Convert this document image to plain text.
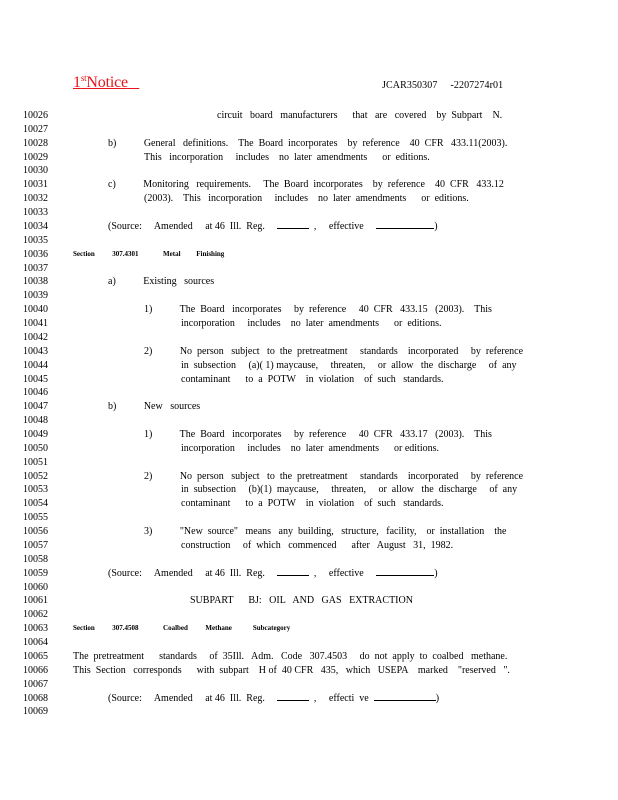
1stNotice	JCAR350307     -2207274r01
10026	circuit   board   manufacturers      that   are   covered    by  Subpart    N.
10027
10028	b)           General   definitions.    The  Board  incorporates    by  reference    40  CFR   433.11(2003).
10029	This   incorporation     includes    no  later  amendments      or  editions.
10030
10031	c)           Monitoring   requirements.     The  Board  incorporates    by  reference    40  CFR   433.12
10032	(2003).    This   incorporation     includes    no  later  amendments      or  editions.
10033
10034	(Source:     Amended     at 46  Ill.  Reg.	,     effective	)
10035
10036	Section          307.4301              Metal         Finishing
10037
10038	a)           Existing   sources
10039
10040	1)           The  Board   incorporates     by  reference     40  CFR   433.15   (2003).    This
10041	incorporation     includes    no  later  amendments      or  editions.
10042
10043	2)           No  person   subject   to  the  pretreatment     standards    incorporated     by  reference
10044	in  subsection     (a)( 1) maycause,     threaten,     or  allow   the  discharge     of  any
10045	contaminant      to  a  POTW    in  violation    of  such   standards.
10046
10047	b)           New   sources
10048
10049	1)           The  Board   incorporates     by  reference     40  CFR   433.17   (2003).    This
10050	incorporation     includes    no  later  amendments      or editions.
10051
10052	2)           No  person   subject   to  the  pretreatment     standards    incorporated     by  reference
10053	in  subsection     (b)(1)  maycause,     threaten,     or  allow   the  discharge     of  any
10054	contaminant      to  a  POTW    in  violation    of  such   standards.
10055
10056	3)           "New  source"   means   any  building,   structure,   facility,    or  installation    the
10057	construction     of  which   commenced      after   August   31,  1982.
10058
10059	(Source:     Amended     at 46  Ill.  Reg.	,     effective	)
10060
10061	SUBPART      BJ:   OIL   AND   GAS   EXTRACTION
10062
10063	Section          307.4508              Coalbed          Methane            Subcategory
10064
10065	The  pretreatment      standards     of  35Ill.   Adm.   Code   307.4503     do  not  apply  to  coalbed   methane.
10066	This  Section   corresponds      with  subpart    H of  40 CFR   435,   which   USEPA    marked    "reserved   ".
10067
10068	(Source:     Amended     at 46  Ill.  Reg.	,     effecti  ve	)
10069
